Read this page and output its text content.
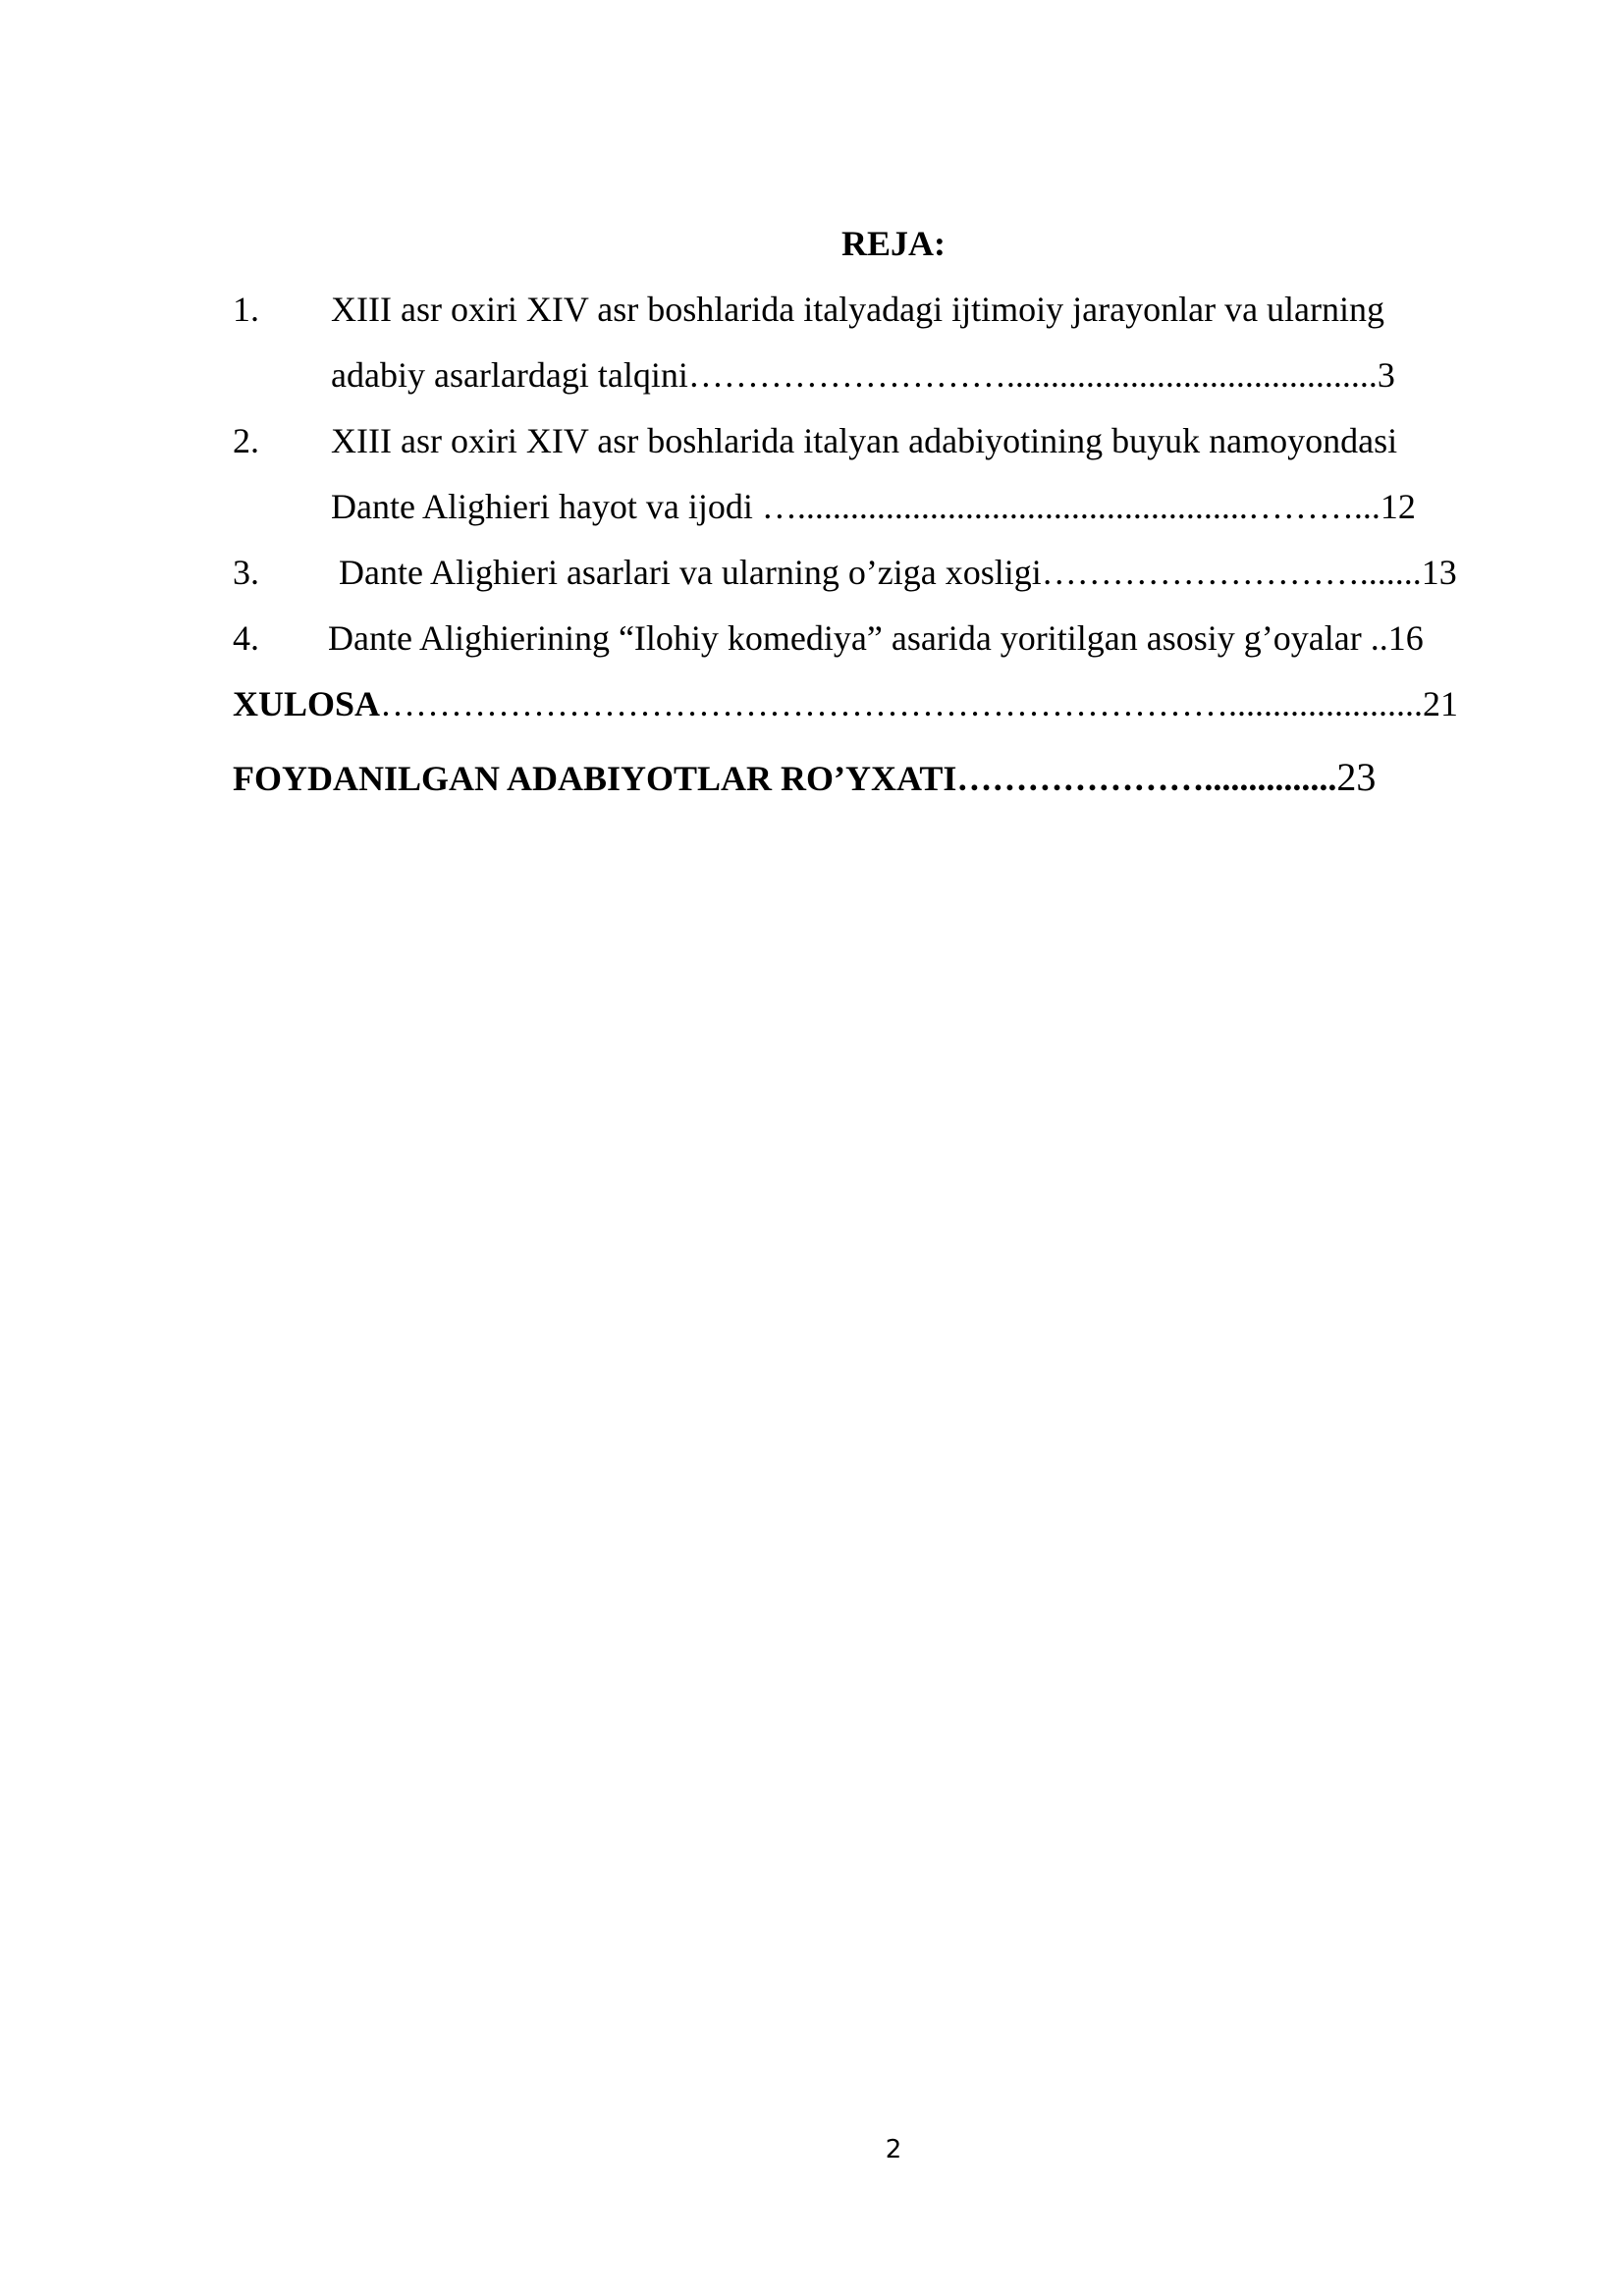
REJA:
1. XIII asr oxiri XIV asr boshlarida italyadagi ijtimoiy jarayonlar va ularning
adabiy asarlardagi talqini………………………..........................................3
2. XIII asr oxiri XIV asr boshlarida italyan adabiyotining buyuk namoyondasi
Dante Alighieri hayot va ijodi …...................................................………...12
3. Dante Alighieri asarlari va ularning o’ziga xosligi……………………….......13
4. Dante Alighierining “Ilohiy komediya” asarida yoritilgan asosiy g’oyalar ..16
XULOSA………………………………………………………………......................21
FOYDANILGAN ADABIYOTLAR RO’YXATI…………………...............23
2
